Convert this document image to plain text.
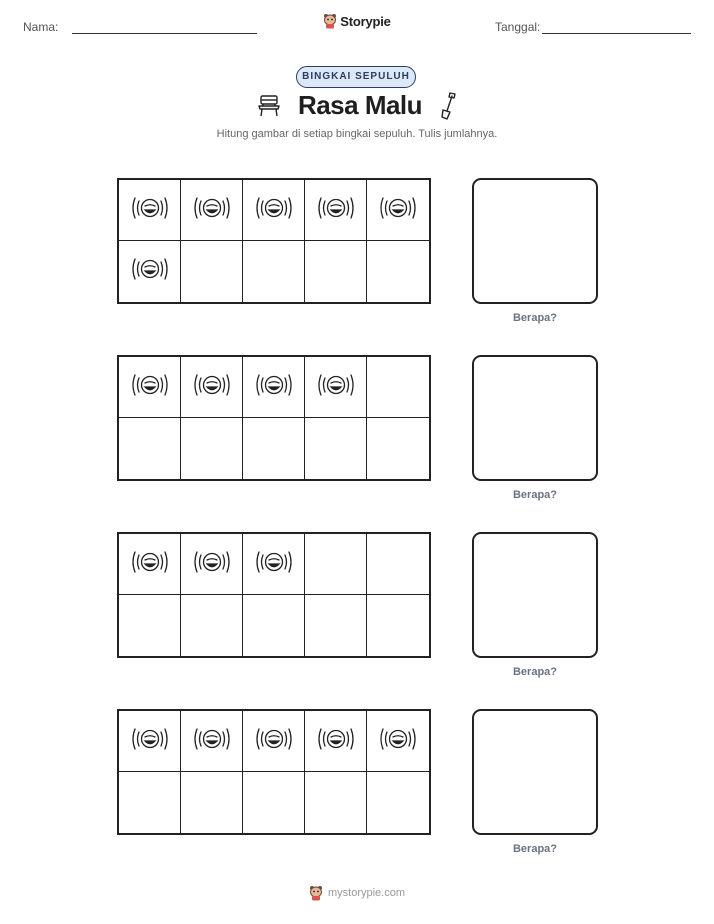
Nama:	Storypie	Tanggal:
BINGKAI SEPULUH
Rasa Malu
Hitung gambar di setiap bingkai sepuluh. Tulis jumlahnya.
Berapa?
Berapa?
Berapa?
Berapa?
mystorypie.com
